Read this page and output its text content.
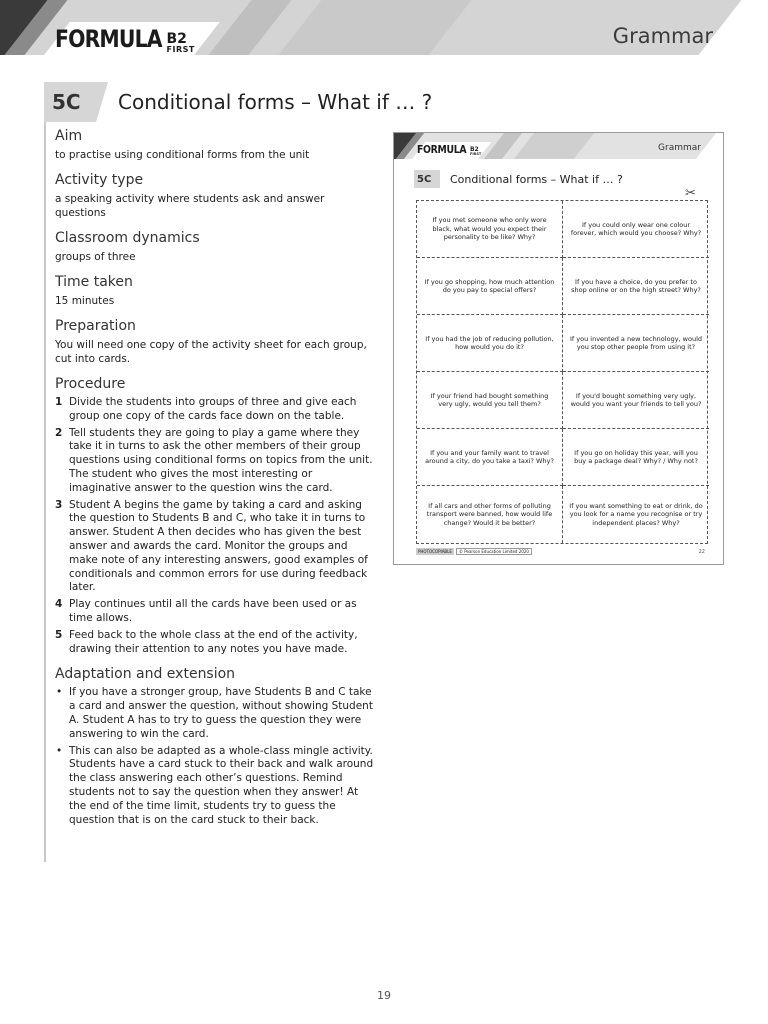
FORMULA B2
FIRST
Grammar
5C	Conditional forms – What if … ?
Aim
to practise using conditional forms from the unit
Activity type
a speaking activity where students ask and answer questions
Classroom dynamics
groups of three
Time taken
15 minutes
Preparation
You will need one copy of the activity sheet for each group, cut into cards.
Procedure
1 Divide the students into groups of three and give each group one copy of the cards face down on the table.
2 Tell students they are going to play a game where they take it in turns to ask the other members of their group questions using conditional forms on topics from the unit. The student who gives the most interesting or imaginative answer to the question wins the card.
3 Student A begins the game by taking a card and asking the question to Students B and C, who take it in turns to answer. Student A then decides who has given the best answer and awards the card. Monitor the groups and make note of any interesting answers, good examples of conditionals and common errors for use during feedback later.
4 Play continues until all the cards have been used or as time allows.
5 Feed back to the whole class at the end of the activity, drawing their attention to any notes you have made.
Adaptation and extension
• If you have a stronger group, have Students B and C take a card and answer the question, without showing Student A. Student A has to try to guess the question they were answering to win the card.
• This can also be adapted as a whole-class mingle activity. Students have a card stuck to their back and walk around the class answering each other’s questions. Remind students not to say the question when they answer! At the end of the time limit, students try to guess the question that is on the card stuck to their back.
FORMULA B2
FIRST
Grammar
5C	Conditional forms – What if … ?
✂
If you met someone who only wore black, what would you expect their personality to be like? Why?
If you could only wear one colour forever, which would you choose? Why?
If you go shopping, how much attention do you pay to special offers?
If you have a choice, do you prefer to shop online or on the high street? Why?
If you had the job of reducing pollution, how would you do it?
If you invented a new technology, would you stop other people from using it?
If your friend had bought something very ugly, would you tell them?
If you'd bought something very ugly, would you want your friends to tell you?
If you and your family want to travel around a city, do you take a taxi? Why?
If you go on holiday this year, will you buy a package deal? Why? / Why not?
If all cars and other forms of polluting transport were banned, how would life change? Would it be better?
If you want something to eat or drink, do you look for a name you recognise or try independent places? Why?
PHOTOCOPIABLE	© Pearson Education Limited 2020	22
19
